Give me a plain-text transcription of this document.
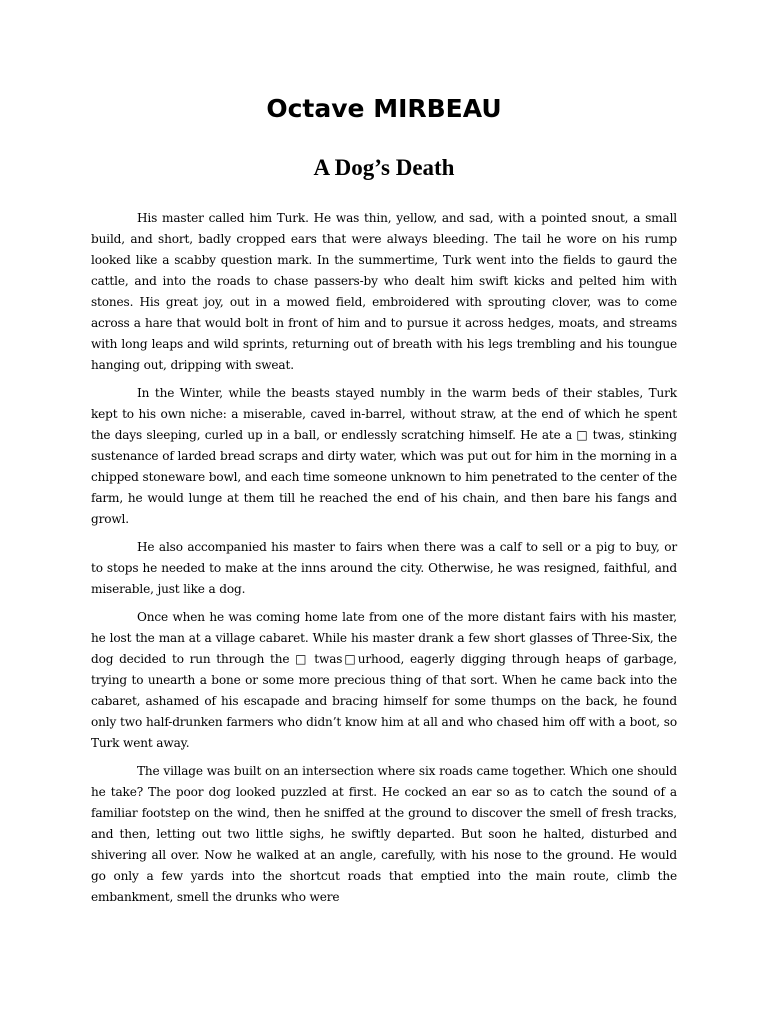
Octave MIRBEAU
A Dog’s Death

His master called him Turk. He was thin, yellow, and sad, with a pointed snout, a small build, and short, badly cropped ears that were always bleeding. The tail he wore on his rump looked like a scabby question mark. In the summertime, Turk went into the fields to gaurd the cattle, and into the roads to chase passers-by who dealt him swift kicks and pelted him with stones. His great joy, out in a mowed field, embroidered with sprouting clover, was to come across a hare that would bolt in front of him and to pursue it across hedges, moats, and streams with long leaps and wild sprints, returning out of breath with his legs trembling and his toungue hanging out, dripping with sweat.

In the Winter, while the beasts stayed numbly in the warm beds of their stables, Turk kept to his own niche: a miserable, caved in-barrel, without straw, at the end of which he spent the days sleeping, curled up in a ball, or endlessly scratching himself. He ate a □ twas, stinking sustenance of larded bread scraps and dirty water, which was put out for him in the morning in a chipped stoneware bowl, and each time someone unknown to him penetrated to the center of the farm, he would lunge at them till he reached the end of his chain, and then bare his fangs and growl.

He also accompanied his master to fairs when there was a calf to sell or a pig to buy, or to stops he needed to make at the inns around the city. Otherwise, he was resigned, faithful, and miserable, just like a dog.

Once when he was coming home late from one of the more distant fairs with his master, he lost the man at a village cabaret. While his master drank a few short glasses of Three-Six, the dog decided to run through the □ twas□urhood, eagerly digging through heaps of garbage, trying to unearth a bone or some more precious thing of that sort. When he came back into the cabaret, ashamed of his escapade and bracing himself for some thumps on the back, he found only two half-drunken farmers who didn’t know him at all and who chased him off with a boot, so Turk went away.

The village was built on an intersection where six roads came together. Which one should he take? The poor dog looked puzzled at first. He cocked an ear so as to catch the sound of a familiar footstep on the wind, then he sniffed at the ground to discover the smell of fresh tracks, and then, letting out two little sighs, he swiftly departed. But soon he halted, disturbed and shivering all over. Now he walked at an angle, carefully, with his nose to the ground. He would go only a few yards into the shortcut roads that emptied into the main route, climb the embankment, smell the drunks who were
